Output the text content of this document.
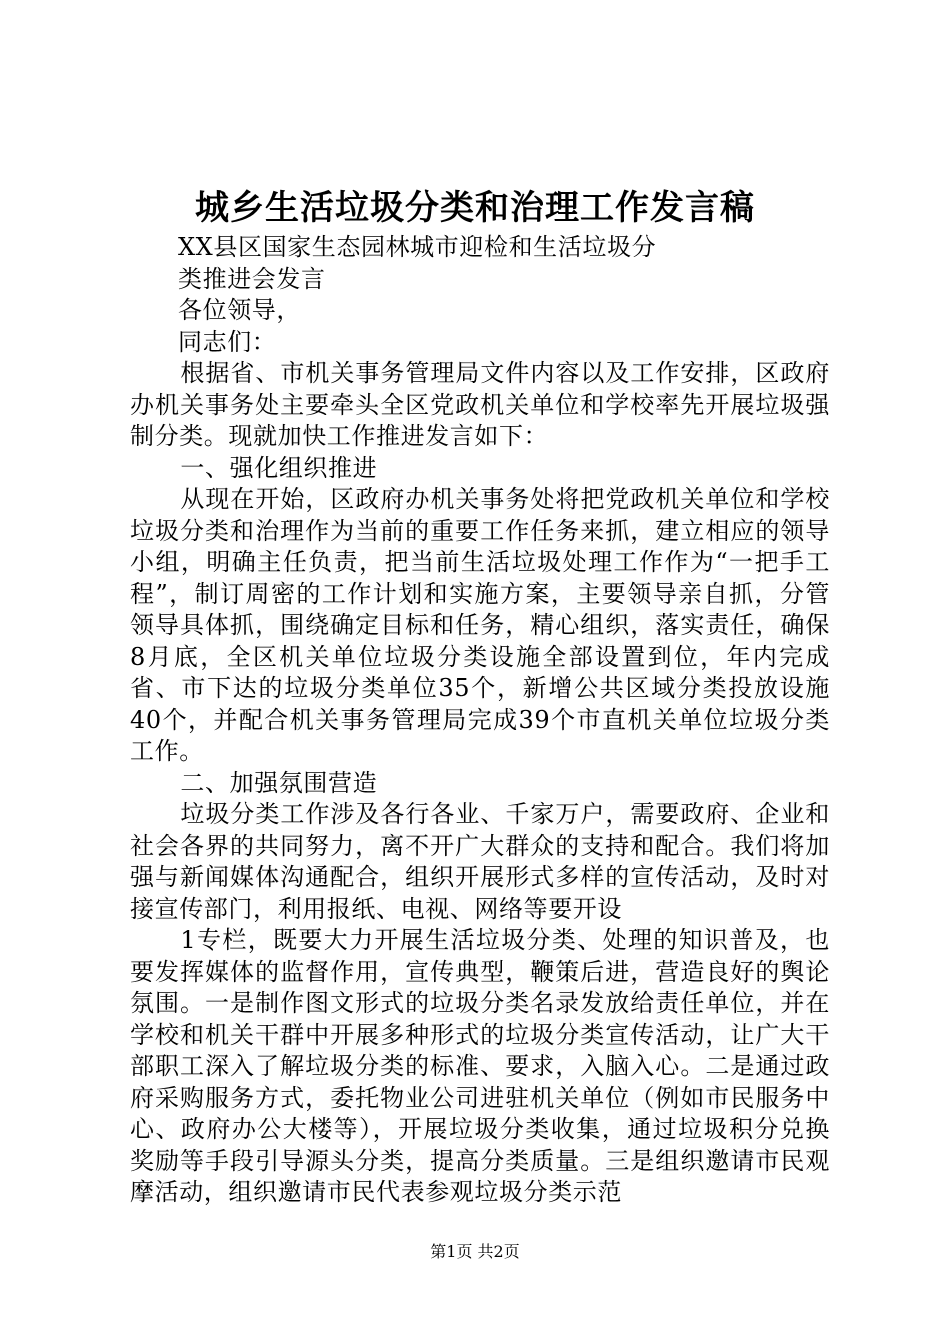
城乡生活垃圾分类和治理工作发言稿

XX县区国家生态园林城市迎检和生活垃圾分

类推进会发言

各位领导，

同志们：

根据省、市机关事务管理局文件内容以及工作安排，区政府办机关事务处主要牵头全区党政机关单位和学校率先开展垃圾强制分类。现就加快工作推进发言如下：

一、强化组织推进

从现在开始，区政府办机关事务处将把党政机关单位和学校垃圾分类和治理作为当前的重要工作任务来抓，建立相应的领导小组，明确主任负责，把当前生活垃圾处理工作作为“一把手工程”，制订周密的工作计划和实施方案，主要领导亲自抓，分管领导具体抓，围绕确定目标和任务，精心组织，落实责任，确保8月底，全区机关单位垃圾分类设施全部设置到位，年内完成省、市下达的垃圾分类单位35个，新增公共区域分类投放设施40个，并配合机关事务管理局完成39个市直机关单位垃圾分类工作。

二、加强氛围营造

垃圾分类工作涉及各行各业、千家万户，需要政府、企业和社会各界的共同努力，离不开广大群众的支持和配合。我们将加强与新闻媒体沟通配合，组织开展形式多样的宣传活动，及时对接宣传部门，利用报纸、电视、网络等要开设

1专栏，既要大力开展生活垃圾分类、处理的知识普及，也要发挥媒体的监督作用，宣传典型，鞭策后进，营造良好的舆论氛围。一是制作图文形式的垃圾分类名录发放给责任单位，并在学校和机关干群中开展多种形式的垃圾分类宣传活动，让广大干部职工深入了解垃圾分类的标准、要求，入脑入心。二是通过政府采购服务方式，委托物业公司进驻机关单位（例如市民服务中心、政府办公大楼等），开展垃圾分类收集，通过垃圾积分兑换奖励等手段引导源头分类，提高分类质量。三是组织邀请市民观摩活动，组织邀请市民代表参观垃圾分类示范

第1页 共2页
